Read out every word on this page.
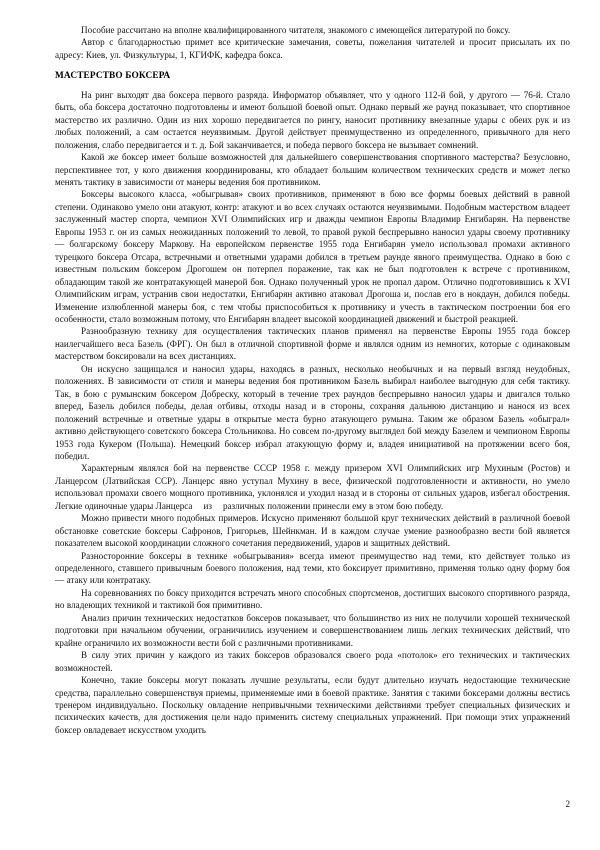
Пособие рассчитано на вполне квалифицированного читателя, знакомого с имеющейся литературой по боксу.

Автор с благодарностью примет все критические замечания, советы, пожелания читателей и просит присылать их по адресу: Киев, ул. Физкультуры, 1, КГИФК, кафедра бокса.

МАСТЕРСТВО БОКСЕРА

На ринг выходят два боксера первого разряда. Информатор объявляет, что у одного 112-й бой, у другого — 76-й. Стало быть, оба боксера достаточно подготовлены и имеют большой боевой опыт. Однако первый же раунд показывает, что спортивное мастерство их различно. Один из них хорошо передвигается по рингу, наносит противнику внезапные удары с обеих рук и из любых положений, а сам остается неуязвимым. Другой действует преимущественно из определенного, привычного для него положения, слабо передвигается и т. д. Бой заканчивается, и победа первого боксера не вызывает сомнений.

Какой же боксер имеет больше возможностей для дальнейшего совершенствования спортивного мастерства? Безусловно, перспективнее тот, у кого движения координированы, кто обладает большим количеством технических средств и может легко менять тактику в зависимости от манеры ведения боя противником.

Боксеры высокого класса, «обыгрывая» своих противников, применяют в бою все формы боевых действий в равной степени. Одинаково умело они атакуют, контр: атакуют и во всех случаях остаются неуязвимыми. Подобным мастерством владеет заслуженный мастер спорта, чемпион XVI Олимпийских игр и дважды чемпион Европы Владимир Енгибарян. На первенстве Европы 1953 г. он из самых неожиданных положений то левой, то правой рукой беспрерывно наносил удары своему противнику — болгарскому боксеру Маркову. На европейском первенстве 1955 года Енгибарян умело использовал промахи активного турецкого боксера Отсара, встречными и ответными ударами добился в третьем раунде явного преимущества. Однако в бою с известным польским боксером Дрогошем он потерпел поражение, так как не был подготовлен к встрече с противником, обладающим такой же контратакующей манерой боя. Однако полученный урок не пропал даром. Отлично подготовившись к XVI Олимпийским играм, устранив свои недостатки, Енгибарян активно атаковал Дрогоша и, послав его в нокдаун, добился победы. Изменение излюбленной манеры боя, с тем чтобы приспособиться к противнику и учесть в тактическом построении боя его особенности, стало возможным потому, что Енгибарян владеет высокой координацией движений и быстрой реакцией.

Разнообразную технику для осуществления тактических планов применял на первенстве Европы 1955 года боксер наилегчайшего веса Базель (ФРГ). Он был в отличной спортивной форме и являлся одним из немногих, которые с одинаковым мастерством боксировали на всех дистанциях.

Он искусно защищался и наносил удары, находясь в разных, несколько необычных и на первый взгляд неудобных, положениях. В зависимости от стиля и манеры ведения боя противником Базель выбирал наиболее выгодную для себя тактику. Так, в бою с румынским боксером Добреску, который в течение трех раундов беспрерывно наносил удары и двигался только вперед, Базель добился победы, делая отбивы, отходы назад и в стороны, сохраняя дальнюю дистанцию и нанося из всех положений встречные и ответные удары в открытые места бурно атакующего румына. Таким же образом Базель «обыграл» активно действующего советского боксера Стольникова. Но совсем по-другому выглядел бой между Базелем и чемпионом Европы 1953 года Кукером (Польша). Немецкий боксер избрал атакующую форму и, владея инициативой на протяжении всего боя, победил.

Характерным являлся бой на первенстве СССР 1958 г. между призером XVI Олимпийских игр Мухиным (Ростов) и Ланцерсом (Латвийская ССР). Ланцерс явно уступал Мухину в весе, физической подготовленности и активности, но умело использовал промахи своего мощного противника, уклонялся и уходил назад и в стороны от сильных ударов, избегал обострения. Легкие одиночные удары Ланцерса из различных положении принесли ему в этом бою победу.

Можно привести много подобных примеров. Искусно применяют большой круг технических действий в различной боевой обстановке советские боксеры Сафронов, Григорьев, Шейнкман. И в каждом случае умение разнообразно вести бой является показателем высокой координации сложного сочетания передвижений, ударов и защитных действий.

Разносторонние боксеры в технике «обыгрывания» всегда имеют преимущество над теми, кто действует только из определенного, ставшего привычным боевого положения, над теми, кто боксирует примитивно, применяя только одну форму боя — атаку или контратаку.

На соревнованиях по боксу приходится встречать много способных спортсменов, достигших высокого спортивного разряда, но владеющих техникой и тактикой боя примитивно.

Анализ причин технических недостатков боксеров показывает, что большинство из них не получили хорошей технической подготовки при начальном обучении, ограничились изучением и совершенствованием лишь легких технических действий, что крайне ограничило их возможности вести бой с различными противниками.

В силу этих причин у каждого из таких боксеров образовался своего рода «потолок» его технических и тактических возможностей.

Конечно, такие боксеры могут показать лучшие результаты, если будут длительно изучать недостающие технические средства, параллельно совершенствуя приемы, применяемые ими в боевой практике. Занятия с такими боксерами должны вестись тренером индивидуально. Поскольку овладение непривычными техническими действиями требует специальных физических и психических качеств, для достижения цели надо применить систему специальных упражнений. При помощи этих упражнений боксер овладевает искусством уходить

2
